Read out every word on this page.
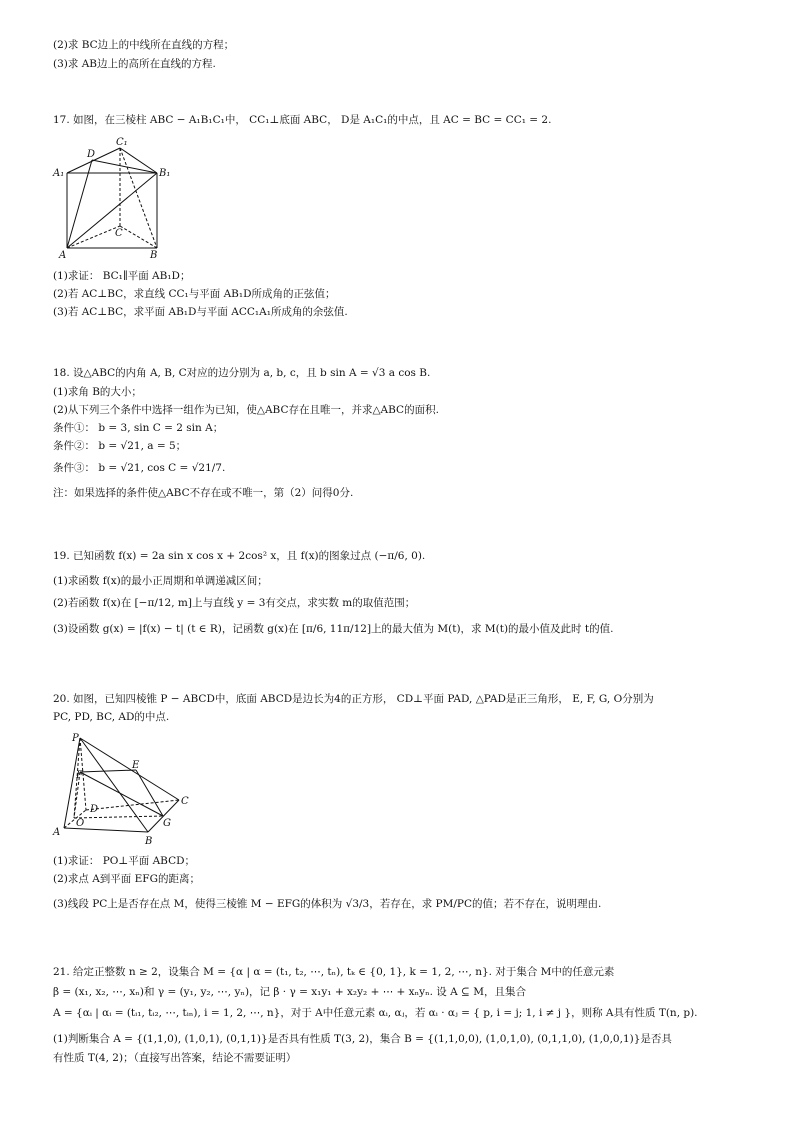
(2)求 BC边上的中线所在直线的方程；
(3)求 AB边上的高所在直线的方程.
17. 如图，在三棱柱 ABC − A₁B₁C₁中， CC₁⊥底面 ABC， D是 A₁C₁的中点，且 AC = BC = CC₁ = 2.
C₁
D
A₁	B₁
C
A	B
(1)求证： BC₁∥平面 AB₁D；
(2)若 AC⊥BC，求直线 CC₁与平面 AB₁D所成角的正弦值；
(3)若 AC⊥BC，求平面 AB₁D与平面 ACC₁A₁所成角的余弦值.
18. 设△ABC的内角 A, B, C对应的边分别为 a, b, c，且 b sin A = √3 a cos B.
(1)求角 B的大小；
(2)从下列三个条件中选择一组作为已知，使△ABC存在且唯一，并求△ABC的面积.
条件①： b = 3, sin C = 2 sin A；
条件②： b = √21, a = 5；
条件③： b = √21, cos C = √21/7.
注：如果选择的条件使△ABC不存在或不唯一，第（2）问得0分.
19. 已知函数 f(x) = 2a sin x cos x + 2cos² x，且 f(x)的图象过点 (−π/6, 0).
(1)求函数 f(x)的最小正周期和单调递减区间；
(2)若函数 f(x)在 [−π/12, m]上与直线 y = 3有交点，求实数 m的取值范围；
(3)设函数 g(x) = |f(x) − t| (t ∈ R)，记函数 g(x)在 [π/6, 11π/12]上的最大值为 M(t)，求 M(t)的最小值及此时 t的值.
20. 如图，已知四棱锥 P − ABCD中，底面 ABCD是边长为4的正方形， CD⊥平面 PAD, △PAD是正三角形， E, F, G, O分别为
PC, PD, BC, AD的中点.
P
E
F
D
C
O	G
A
B
(1)求证： PO⊥平面 ABCD；
(2)求点 A到平面 EFG的距离；
(3)线段 PC上是否存在点 M，使得三棱锥 M − EFG的体积为 √3/3，若存在，求 PM/PC的值；若不存在，说明理由.
21. 给定正整数 n ≥ 2，设集合 M = {α | α = (t₁, t₂, ⋯, tₙ), tₖ ∈ {0, 1}, k = 1, 2, ⋯, n}. 对于集合 M中的任意元素
β = (x₁, x₂, ⋯, xₙ)和 γ = (y₁, y₂, ⋯, yₙ)，记 β · γ = x₁y₁ + x₂y₂ + ⋯ + xₙyₙ. 设 A ⊆ M，且集合
A = {αᵢ | αᵢ = (tᵢ₁, tᵢ₂, ⋯, tᵢₙ), i = 1, 2, ⋯, n}，对于 A中任意元素 αᵢ, αⱼ，若 αᵢ · αⱼ = { p, i = j; 1, i ≠ j }，则称 A具有性质 T(n, p).
(1)判断集合 A = {(1,1,0), (1,0,1), (0,1,1)}是否具有性质 T(3, 2)，集合 B = {(1,1,0,0), (1,0,1,0), (0,1,1,0), (1,0,0,1)}是否具
有性质 T(4, 2)；（直接写出答案，结论不需要证明）
